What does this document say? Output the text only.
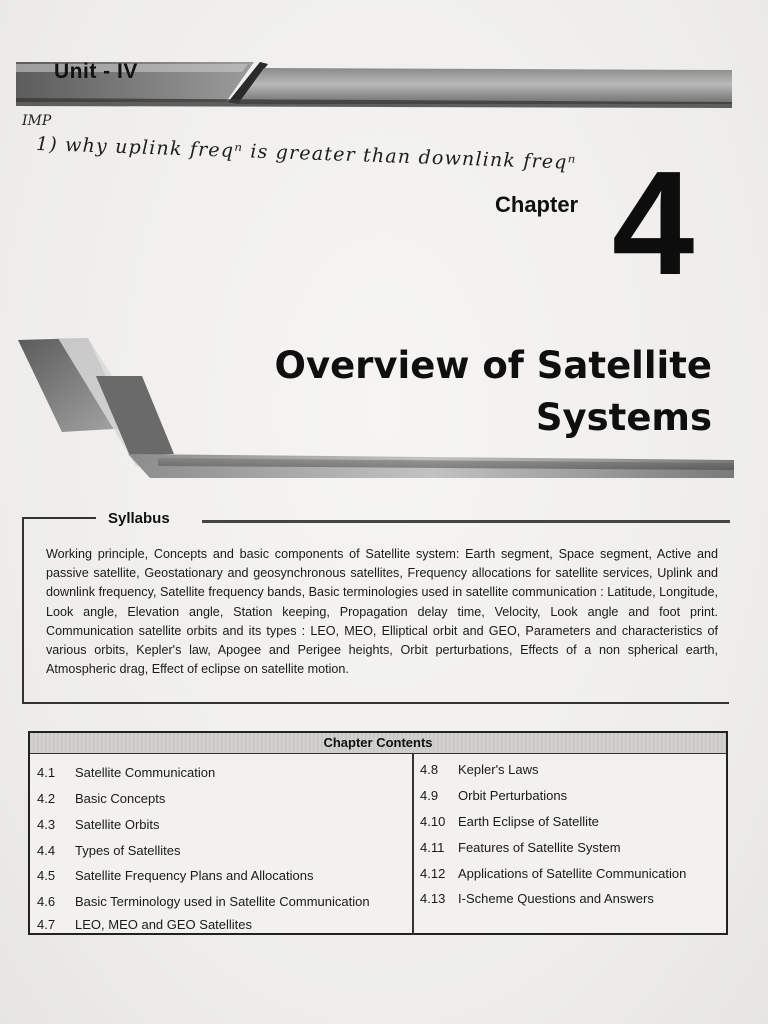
Unit - IV
IMP
1) why uplink freqⁿ is greater than downlink freqⁿ
Chapter 4
Overview of Satellite
Systems
Syllabus
Working principle, Concepts and basic components of Satellite system: Earth segment, Space segment, Active and passive satellite, Geostationary and geosynchronous satellites, Frequency allocations for satellite services, Uplink and downlink frequency, Satellite frequency bands, Basic terminologies used in satellite communication : Latitude, Longitude, Look angle, Elevation angle, Station keeping, Propagation delay time, Velocity, Look angle and foot print. Communication satellite orbits and its types : LEO, MEO, Elliptical orbit and GEO, Parameters and characteristics of various orbits, Kepler's law, Apogee and Perigee heights, Orbit perturbations, Effects of a non spherical earth, Atmospheric drag, Effect of eclipse on satellite motion.
Chapter Contents
4.1 Satellite Communication
4.2 Basic Concepts
4.3 Satellite Orbits
4.4 Types of Satellites
4.5 Satellite Frequency Plans and Allocations
4.6 Basic Terminology used in Satellite Communication
4.7 LEO, MEO and GEO Satellites
4.8 Kepler's Laws
4.9 Orbit Perturbations
4.10 Earth Eclipse of Satellite
4.11 Features of Satellite System
4.12 Applications of Satellite Communication
4.13 I-Scheme Questions and Answers
